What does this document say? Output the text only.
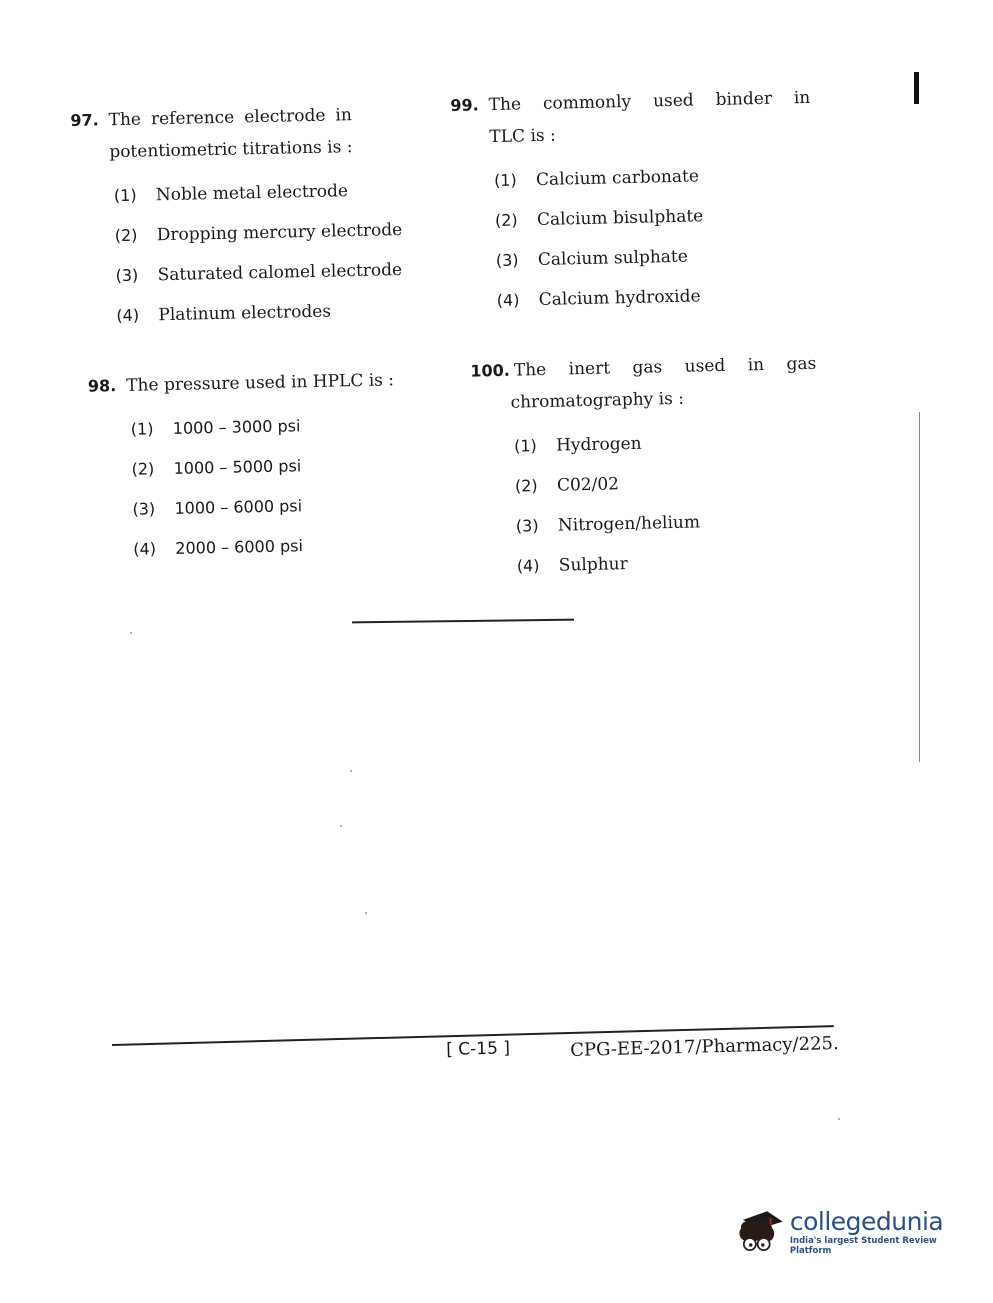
97. The reference electrode in
potentiometric titrations is :
(1)	Noble metal electrode
(2)	Dropping mercury electrode
(3)	Saturated calomel electrode
(4)	Platinum electrodes
98. The pressure used in HPLC is :
(1)	1000 – 3000 psi
(2)	1000 – 5000 psi
(3)	1000 – 6000 psi
(4)	2000 – 6000 psi
99. The commonly used binder in
TLC is :
(1)	Calcium carbonate
(2)	Calcium bisulphate
(3)	Calcium sulphate
(4)	Calcium hydroxide
100. The inert gas used in gas
chromatography is :
(1)	Hydrogen
(2)	C02/02
(3)	Nitrogen/helium
(4)	Sulphur
[ C-15 ]	CPG-EE-2017/Pharmacy/225.
collegedunia
India's largest Student Review Platform
